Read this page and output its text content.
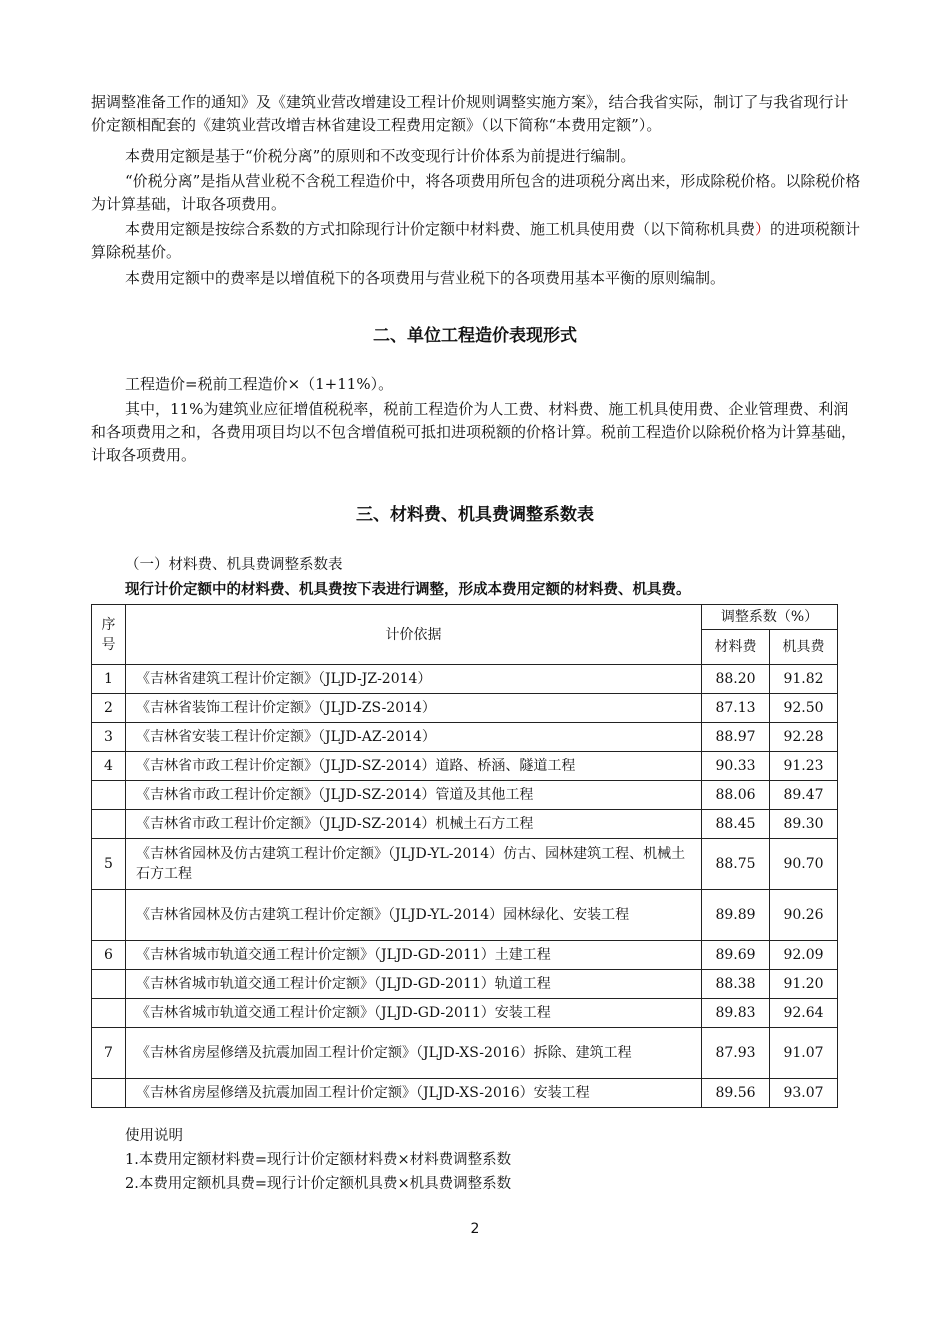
据调整准备工作的通知》及《建筑业营改增建设工程计价规则调整实施方案》，结合我省实际，制订了与我省现行计价定额相配套的《建筑业营改增吉林省建设工程费用定额》（以下简称“本费用定额”）。

本费用定额是基于“价税分离”的原则和不改变现行计价体系为前提进行编制。

“价税分离”是指从营业税不含税工程造价中，将各项费用所包含的进项税分离出来，形成除税价格。以除税价格为计算基础，计取各项费用。

本费用定额是按综合系数的方式扣除现行计价定额中材料费、施工机具使用费（以下简称机具费）的进项税额计算除税基价。

本费用定额中的费率是以增值税下的各项费用与营业税下的各项费用基本平衡的原则编制。

二、单位工程造价表现形式

工程造价=税前工程造价×（1+11%）。

其中，11%为建筑业应征增值税税率，税前工程造价为人工费、材料费、施工机具使用费、企业管理费、利润和各项费用之和，各费用项目均以不包含增值税可抵扣进项税额的价格计算。税前工程造价以除税价格为计算基础，计取各项费用。

三、材料费、机具费调整系数表

（一）材料费、机具费调整系数表

现行计价定额中的材料费、机具费按下表进行调整，形成本费用定额的材料费、机具费。

序号	计价依据	调整系数（%）	
		材料费	机具费
1	《吉林省建筑工程计价定额》（JLJD-JZ-2014）	88.20	91.82
2	《吉林省装饰工程计价定额》（JLJD-ZS-2014）	87.13	92.50
3	《吉林省安装工程计价定额》（JLJD-AZ-2014）	88.97	92.28
4	《吉林省市政工程计价定额》（JLJD-SZ-2014）道路、桥涵、隧道工程	90.33	91.23
	《吉林省市政工程计价定额》（JLJD-SZ-2014）管道及其他工程	88.06	89.47
	《吉林省市政工程计价定额》（JLJD-SZ-2014）机械土石方工程	88.45	89.30
5	《吉林省园林及仿古建筑工程计价定额》（JLJD-YL-2014）仿古、园林建筑工程、机械土石方工程	88.75	90.70
	《吉林省园林及仿古建筑工程计价定额》（JLJD-YL-2014）园林绿化、安装工程	89.89	90.26
6	《吉林省城市轨道交通工程计价定额》（JLJD-GD-2011）土建工程	89.69	92.09
	《吉林省城市轨道交通工程计价定额》（JLJD-GD-2011）轨道工程	88.38	91.20
	《吉林省城市轨道交通工程计价定额》（JLJD-GD-2011）安装工程	89.83	92.64
7	《吉林省房屋修缮及抗震加固工程计价定额》（JLJD-XS-2016）拆除、建筑工程	87.93	91.07
	《吉林省房屋修缮及抗震加固工程计价定额》（JLJD-XS-2016）安装工程	89.56	93.07
使用说明
1.本费用定额材料费=现行计价定额材料费×材料费调整系数
2.本费用定额机具费=现行计价定额机具费×机具费调整系数
2
